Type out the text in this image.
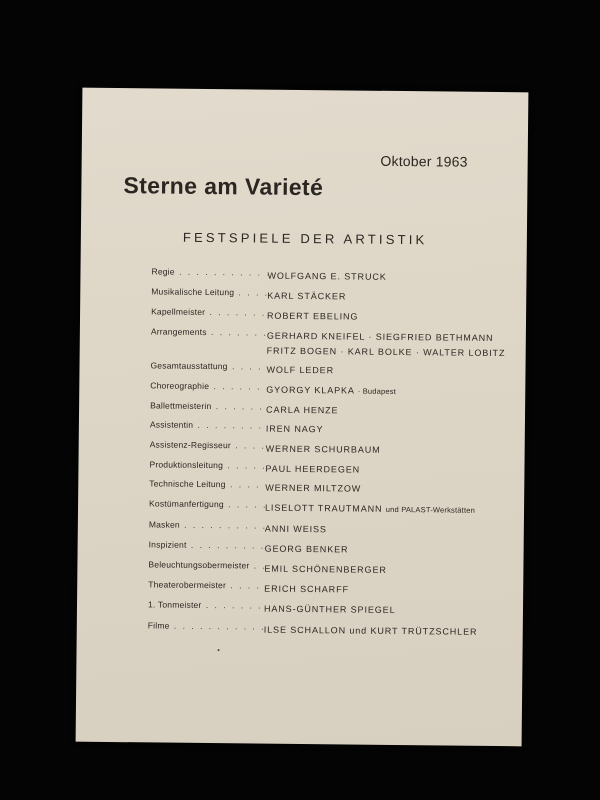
Oktober 1963
Sterne am Varieté
FESTSPIELE DER ARTISTIK
Regie . . .	WOLFGANG E. STRUCK
Musikalische Leitung . . .	KARL STÄCKER
Kapellmeister . . .	ROBERT EBELING
Arrangements . . .	GERHARD KNEIFEL · SIEGFRIED BETHMANN
FRITZ BOGEN · KARL BOLKE · WALTER LOBITZ
Gesamtausstattung . . .	WOLF LEDER
Choreographie . . .	GYORGY KLAPKA · Budapest
Ballettmeisterin . . .	CARLA HENZE
Assistentin . . .	IREN NAGY
Assistenz-Regisseur . . .	WERNER SCHURBAUM
Produktionsleitung . . .	PAUL HEERDEGEN
Technische Leitung . . .	WERNER MILTZOW
Kostümanfertigung . . .	LISELOTT TRAUTMANN und PALAST-Werkstätten
Masken . . .	ANNI WEISS
Inspizient . . .	GEORG BENKER
Beleuchtungsobermeister . . .	EMIL SCHÖNENBERGER
Theaterobermeister . . .	ERICH SCHARFF
1. Tonmeister . . .	HANS-GÜNTHER SPIEGEL
Filme . . .	ILSE SCHALLON und KURT TRÜTZSCHLER
